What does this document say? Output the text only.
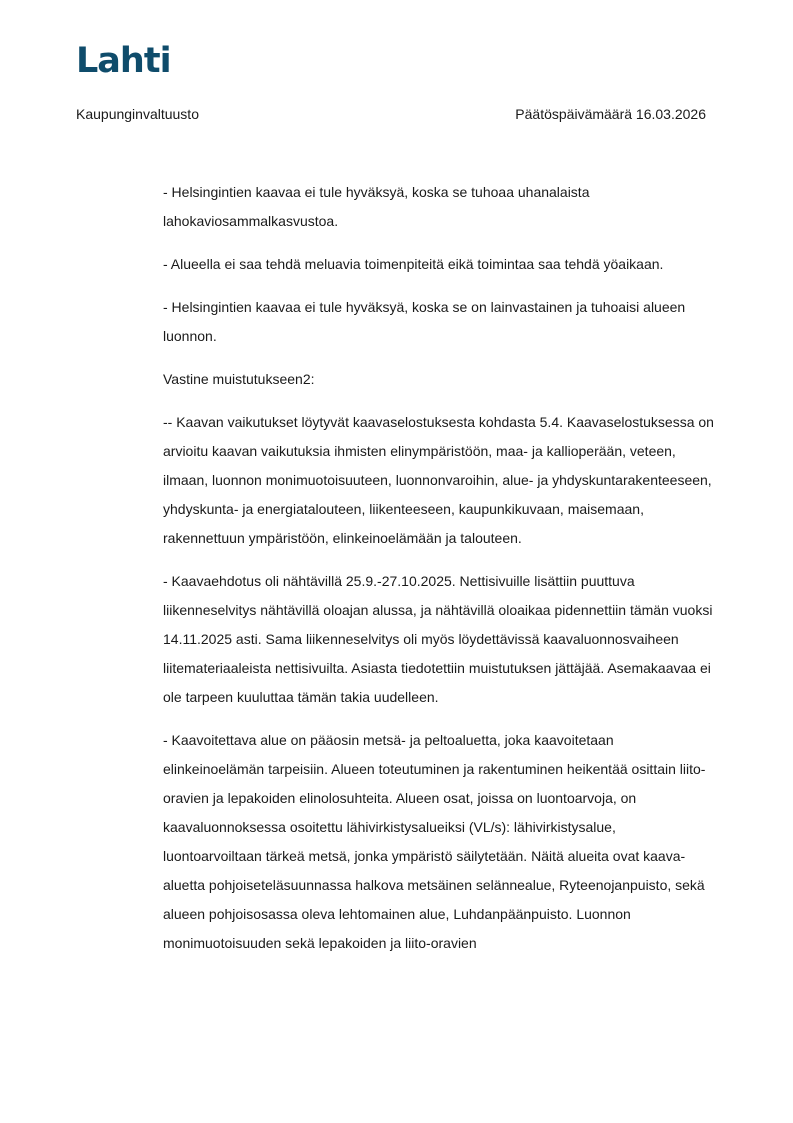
Lahti
Kaupunginvaltuusto	Päätöspäivämäärä 16.03.2026

- Helsingintien kaavaa ei tule hyväksyä, koska se tuhoaa uhanalaista lahokaviosammalkasvustoa.

- Alueella ei saa tehdä meluavia toimenpiteitä eikä toimintaa saa tehdä yöaikaan.

- Helsingintien kaavaa ei tule hyväksyä, koska se on lainvastainen ja tuhoaisi alueen luonnon.

Vastine muistutukseen2:

-- Kaavan vaikutukset löytyvät kaavaselostuksesta kohdasta 5.4. Kaavaselostuksessa on arvioitu kaavan vaikutuksia ihmisten elinympäristöön, maa- ja kallioperään, veteen, ilmaan, luonnon monimuotoisuuteen, luonnonvaroihin, alue- ja yhdyskuntarakenteeseen, yhdyskunta- ja energiatalouteen, liikenteeseen, kaupunkikuvaan, maisemaan, rakennettuun ympäristöön, elinkeinoelämään ja talouteen.

- Kaavaehdotus oli nähtävillä 25.9.-27.10.2025. Nettisivuille lisättiin puuttuva liikenneselvitys nähtävillä oloajan alussa, ja nähtävillä oloaikaa pidennettiin tämän vuoksi 14.11.2025 asti. Sama liikenneselvitys oli myös löydettävissä kaavaluonnosvaiheen liitemateriaaleista nettisivuilta. Asiasta tiedotettiin muistutuksen jättäjää. Asemakaavaa ei ole tarpeen kuuluttaa tämän takia uudelleen.

- Kaavoitettava alue on pääosin metsä- ja peltoaluetta, joka kaavoitetaan elinkeinoelämän tarpeisiin. Alueen toteutuminen ja rakentuminen heikentää osittain liito-oravien ja lepakoiden elinolosuhteita. Alueen osat, joissa on luontoarvoja, on kaavaluonnoksessa osoitettu lähivirkistysalueiksi (VL/s): lähivirkistysalue, luontoarvoiltaan tärkeä metsä, jonka ympäristö säilytetään. Näitä alueita ovat kaava-aluetta pohjoiseteläsuunnassa halkova metsäinen selännealue, Ryteenojanpuisto, sekä alueen pohjoisosassa oleva lehtomainen alue, Luhdanpäänpuisto. Luonnon monimuotoisuuden sekä lepakoiden ja liito-oravien
